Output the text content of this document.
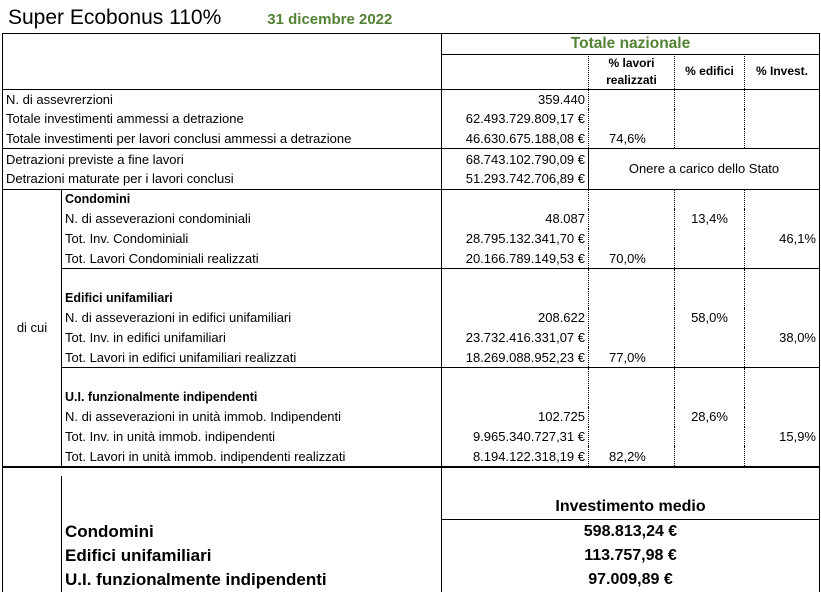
Super Ecobonus 110%	31 dicembre 2022
		Totale nazionale				
			% lavori
realizzati	% edifici	% Invest.	

N. di assevrerzioni		359.440				
Totale investimenti ammessi a detrazione		62.493.729.809,17 €				
Totale investimenti per lavori conclusi ammessi a detrazione		46.630.675.188,08 €	74,6%			
Detrazioni previste a fine lavori		68.743.102.790,09 €	Onere a carico dello Stato			
Detrazioni maturate per i lavori conclusi		51.293.742.706,89 €				
di cui	Condomini					
	N. di asseverazioni condominiali	48.087		13,4%		
	Tot. Inv. Condominiali	28.795.132.341,70 €			46,1%	
	Tot. Lavori Condominiali realizzati	20.166.789.149,53 €	70,0%			

	Edifici unifamiliari					
	N. di asseverazioni in edifici unifamiliari	208.622		58,0%		
	Tot. Inv. in edifici unifamiliari	23.732.416.331,07 €			38,0%	
	Tot. Lavori in edifici unifamiliari realizzati	18.269.088.952,23 €	77,0%			

	U.I. funzionalmente indipendenti					
	N. di asseverazioni in unità immob. Indipendenti	102.725		28,6%		
	Tot. Inv. in unità immob. indipendenti	9.965.340.727,31 €			15,9%	
	Tot. Lavori in unità immob. indipendenti realizzati	8.194.122.318,19 €	82,2%			

		Investimento medio				
	Condomini	598.813,24 €				
	Edifici unifamiliari	113.757,98 €				
	U.I. funzionalmente indipendenti	97.009,89 €				
